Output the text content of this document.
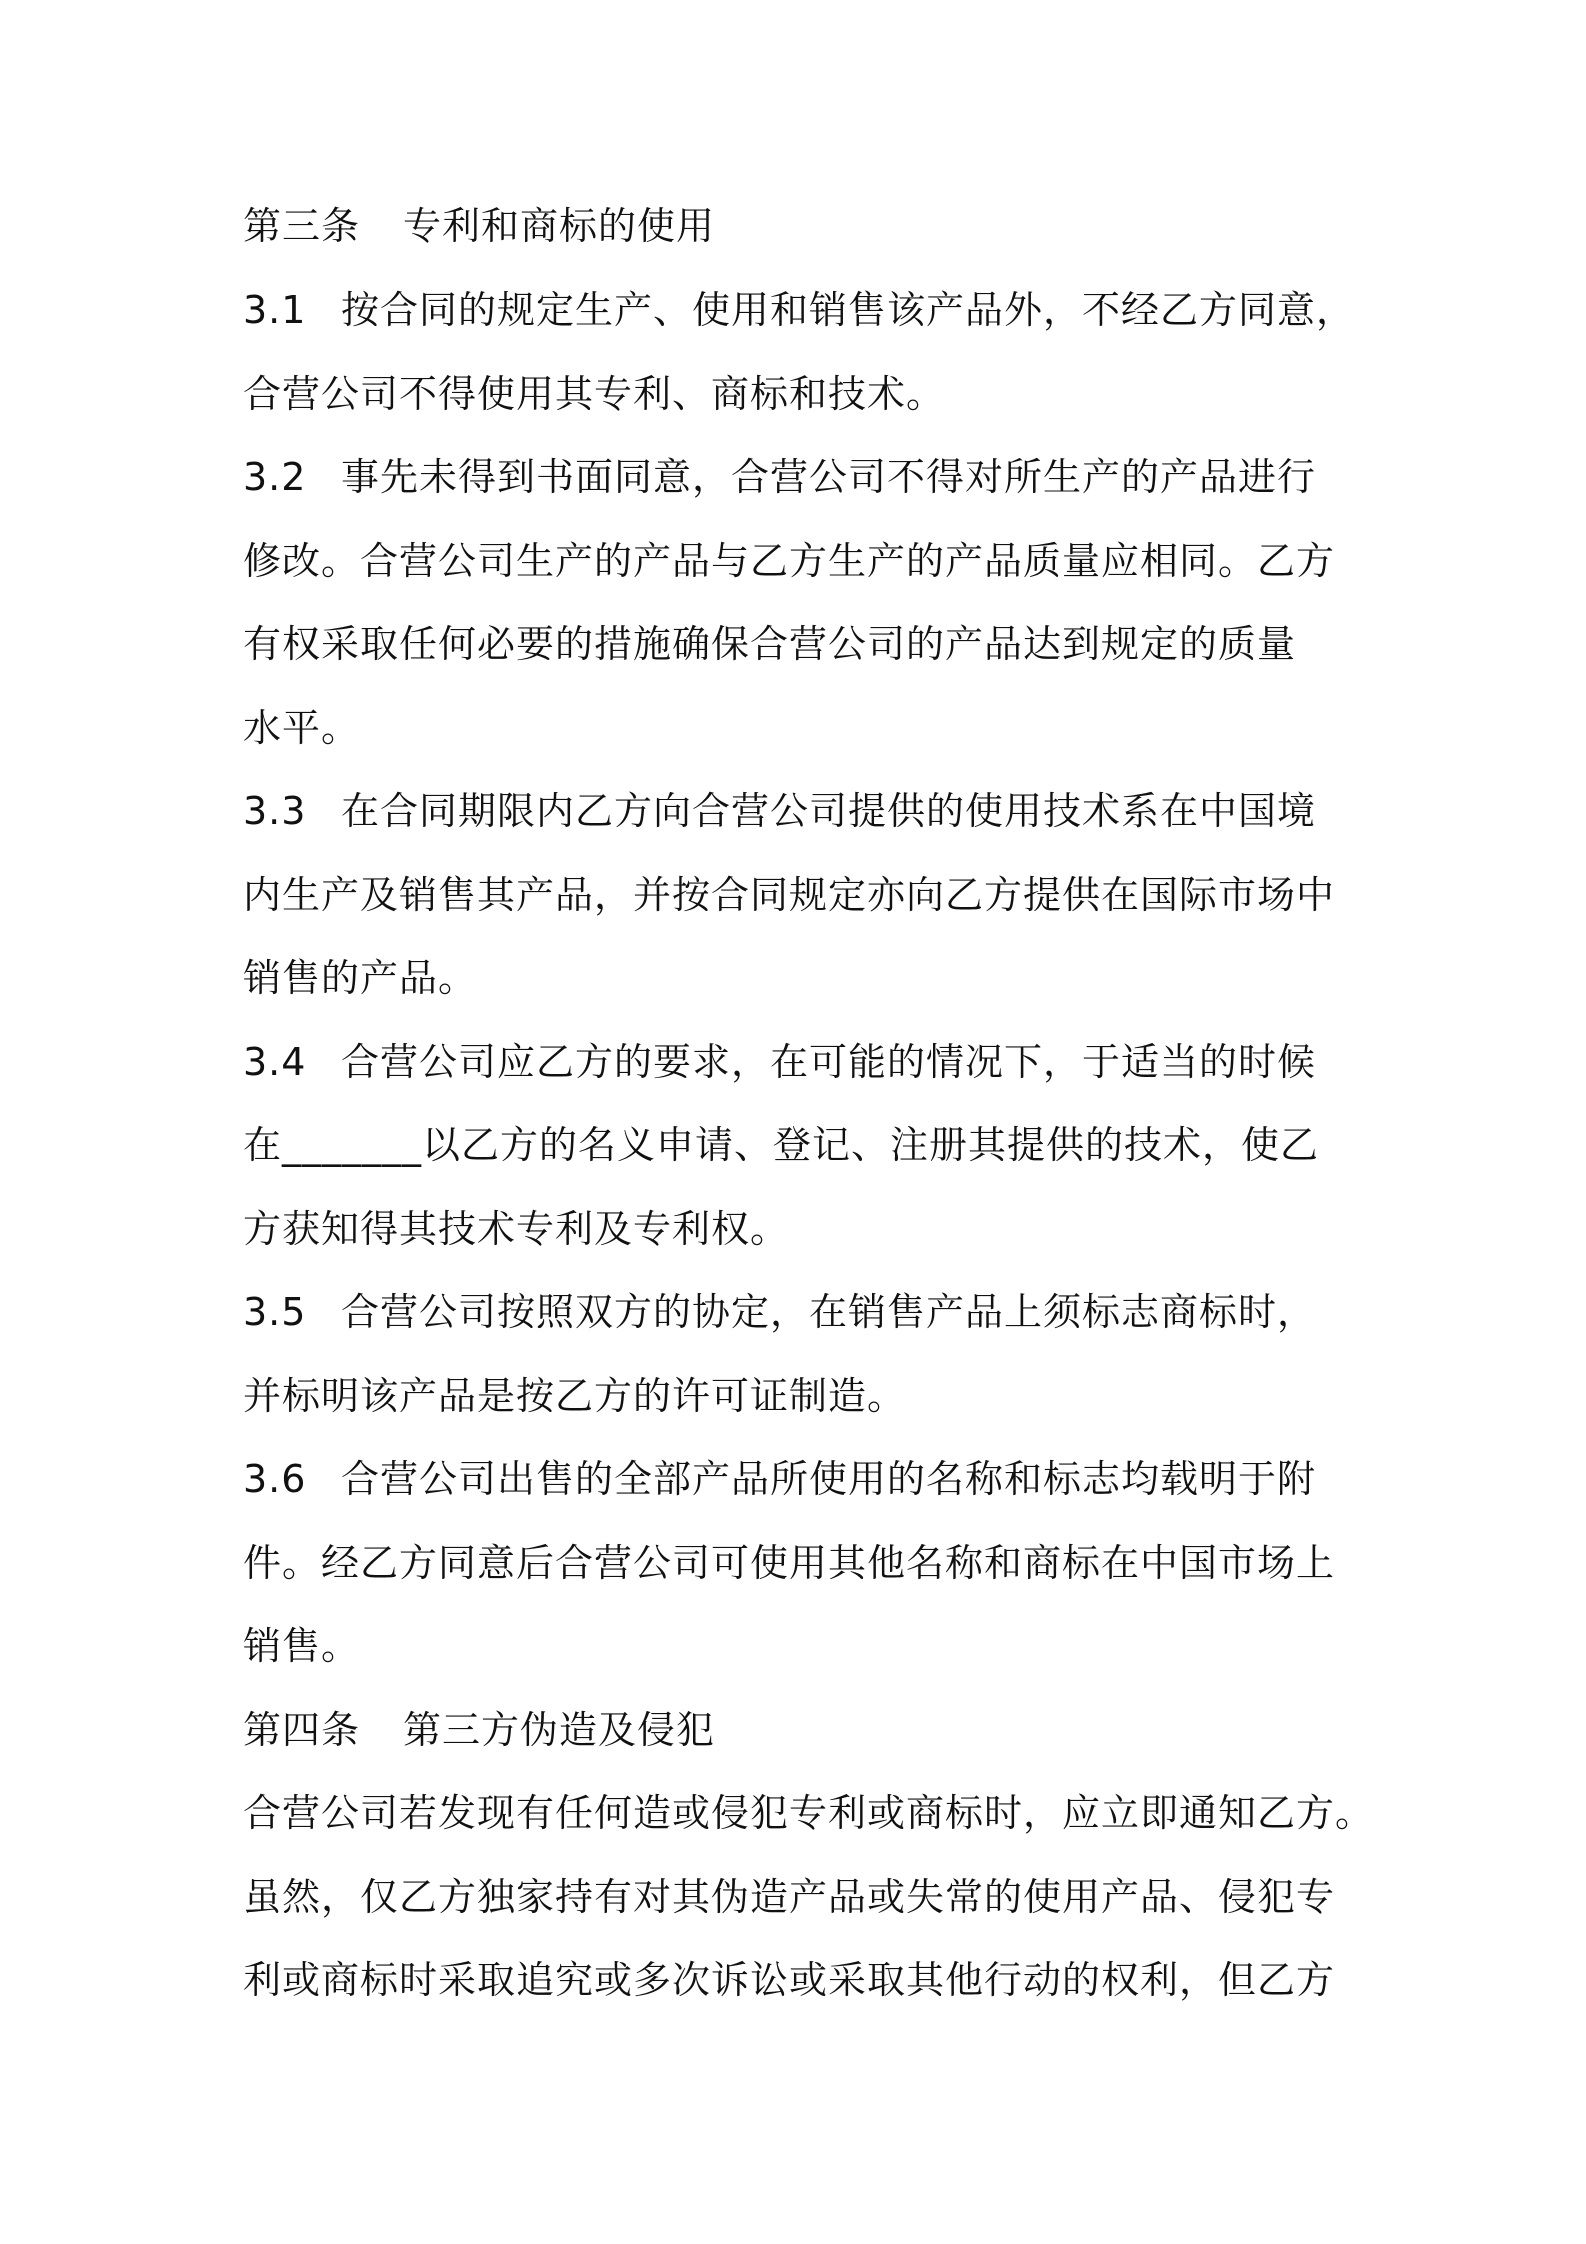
第三条 专利和商标的使用
3.1 按合同的规定生产、使用和销售该产品外，不经乙方同意，
合营公司不得使用其专利、商标和技术。
3.2 事先未得到书面同意，合营公司不得对所生产的产品进行
修改。合营公司生产的产品与乙方生产的产品质量应相同。乙方
有权采取任何必要的措施确保合营公司的产品达到规定的质量
水平。
3.3 在合同期限内乙方向合营公司提供的使用技术系在中国境
内生产及销售其产品，并按合同规定亦向乙方提供在国际市场中
销售的产品。
3.4 合营公司应乙方的要求，在可能的情况下，于适当的时候
在_______以乙方的名义申请、登记、注册其提供的技术，使乙
方获知得其技术专利及专利权。
3.5 合营公司按照双方的协定，在销售产品上须标志商标时，
并标明该产品是按乙方的许可证制造。
3.6 合营公司出售的全部产品所使用的名称和标志均载明于附
件。经乙方同意后合营公司可使用其他名称和商标在中国市场上
销售。
第四条 第三方伪造及侵犯
合营公司若发现有任何造或侵犯专利或商标时，应立即通知乙方。
虽然，仅乙方独家持有对其伪造产品或失常的使用产品、侵犯专
利或商标时采取追究或多次诉讼或采取其他行动的权利，但乙方
